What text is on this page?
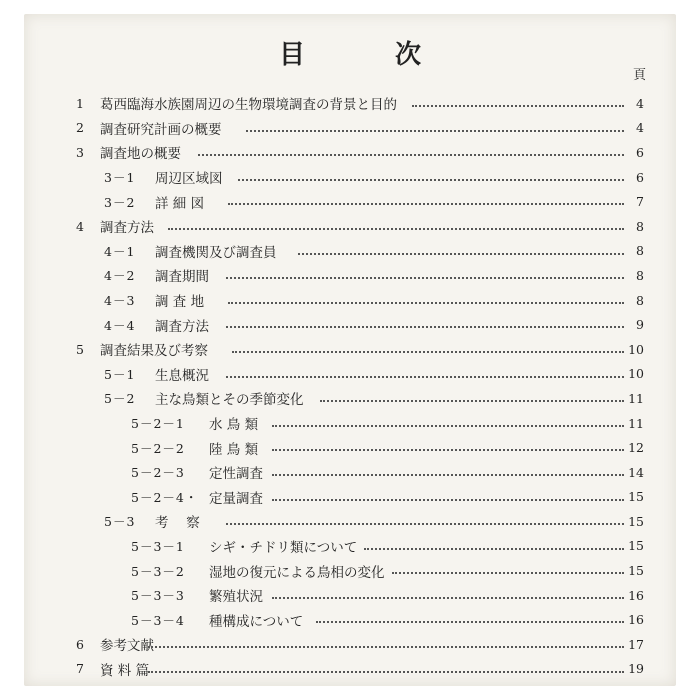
目　次
頁
1	葛西臨海水族園周辺の生物環境調査の背景と目的	4
2	調査研究計画の概要	4
3	調査地の概要	6
3－1 周辺区域図	6
3－2 詳 細 図	7
4	調査方法	8
4－1 調査機関及び調査員	8
4－2 調査期間	8
4－3 調 査 地	8
4－4 調査方法	9
5	調査結果及び考察	10
5－1 生息概況	10
5－2 主な鳥類とその季節変化	11
5－2－1 水 鳥 類	11
5－2－2 陸 鳥 類	12
5－2－3 定性調査	14
5－2－4・ 定量調査	15
5－3 考　 察	15
5－3－1 シギ・チドリ類について	15
5－3－2 湿地の復元による鳥相の変化	15
5－3－3 繁殖状況	16
5－3－4 種構成について	16
6	参考文献	17
7	資 料 篇	19
